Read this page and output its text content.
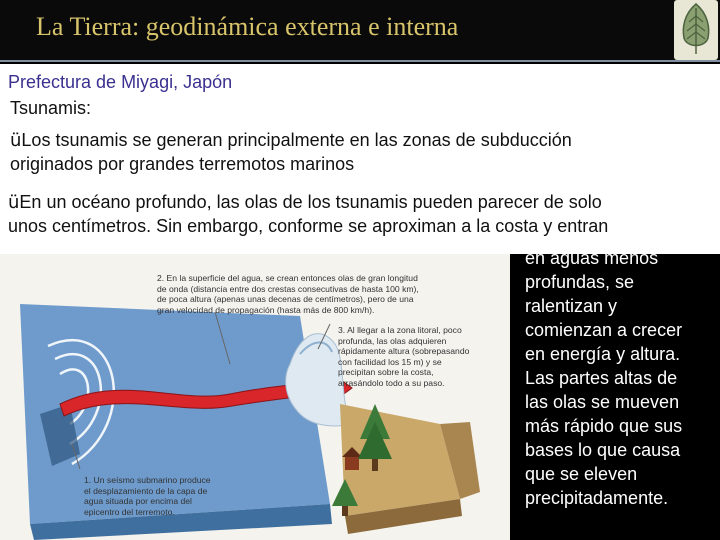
La Tierra: geodinámica externa e interna
Prefectura de Miyagi, Japón
Tsunamis:
üLos tsunamis se generan principalmente en las zonas de subducción
originados por grandes terremotos marinos
üEn un océano profundo, las olas de los tsunamis pueden parecer de solo
unos centímetros. Sin embargo, conforme se aproximan a la costa y entran
2. En la superficie del agua, se crean entonces olas de gran longitud
de onda (distancia entre dos crestas consecutivas de hasta 100 km),
de poca altura (apenas unas decenas de centímetros), pero de una
gran velocidad de propagación (hasta más de 800 km/h).
3. Al llegar a la zona litoral, poco
profunda, las olas adquieren
rápidamente altura (sobrepasando
con facilidad los 15 m) y se
precipitan sobre la costa,
arrasándolo todo a su paso.
1. Un seísmo submarino produce
el desplazamiento de la capa de
agua situada por encima del
epicentro del terremoto.
en aguas menos
profundas, se
ralentizan y
comienzan a crecer
en energía y altura.
Las partes altas de
las olas se mueven
más rápido que sus
bases lo que causa
que se eleven
precipitadamente.
